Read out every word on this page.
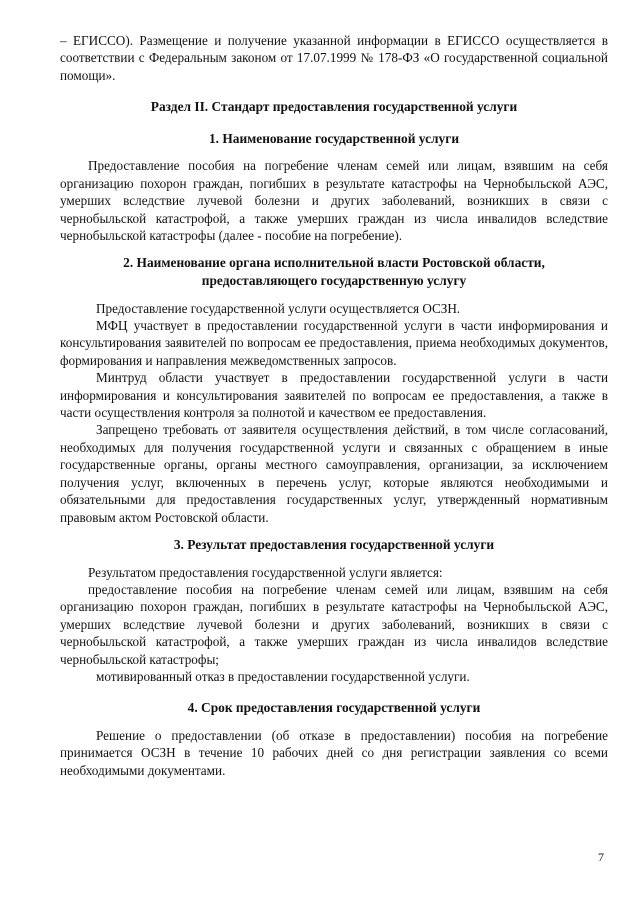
– ЕГИССО). Размещение и получение указанной информации в ЕГИССО осуществляется в соответствии с Федеральным законом от 17.07.1999 № 178-ФЗ «О государственной социальной помощи».

Раздел II. Стандарт предоставления государственной услуги
1. Наименование государственной услуги

Предоставление пособия на погребение членам семей или лицам, взявшим на себя организацию похорон граждан, погибших в результате катастрофы на Чернобыльской АЭС, умерших вследствие лучевой болезни и других заболеваний, возникших в связи с чернобыльской катастрофой, а также умерших граждан из числа инвалидов вследствие чернобыльской катастрофы (далее - пособие на погребение).

2. Наименование органа исполнительной власти Ростовской области,
предоставляющего государственную услугу

Предоставление государственной услуги осуществляется ОСЗН.

МФЦ участвует в предоставлении государственной услуги в части информирования и консультирования заявителей по вопросам ее предоставления, приема необходимых документов, формирования и направления межведомственных запросов.

Минтруд области участвует в предоставлении государственной услуги в части информирования и консультирования заявителей по вопросам ее предоставления, а также в части осуществления контроля за полнотой и качеством ее предоставления.

Запрещено требовать от заявителя осуществления действий, в том числе согласований, необходимых для получения государственной услуги и связанных с обращением в иные государственные органы, органы местного самоуправления, организации, за исключением получения услуг, включенных в перечень услуг, которые являются необходимыми и обязательными для предоставления государственных услуг, утвержденный нормативным правовым актом Ростовской области.

3. Результат предоставления государственной услуги

Результатом предоставления государственной услуги является:

предоставление пособия на погребение членам семей или лицам, взявшим на себя организацию похорон граждан, погибших в результате катастрофы на Чернобыльской АЭС, умерших вследствие лучевой болезни и других заболеваний, возникших в связи с чернобыльской катастрофой, а также умерших граждан из числа инвалидов вследствие чернобыльской катастрофы;

мотивированный отказ в предоставлении государственной услуги.

4. Срок предоставления государственной услуги

Решение о предоставлении (об отказе в предоставлении) пособия на погребение принимается ОСЗН в течение 10 рабочих дней со дня регистрации заявления со всеми необходимыми документами.

7
